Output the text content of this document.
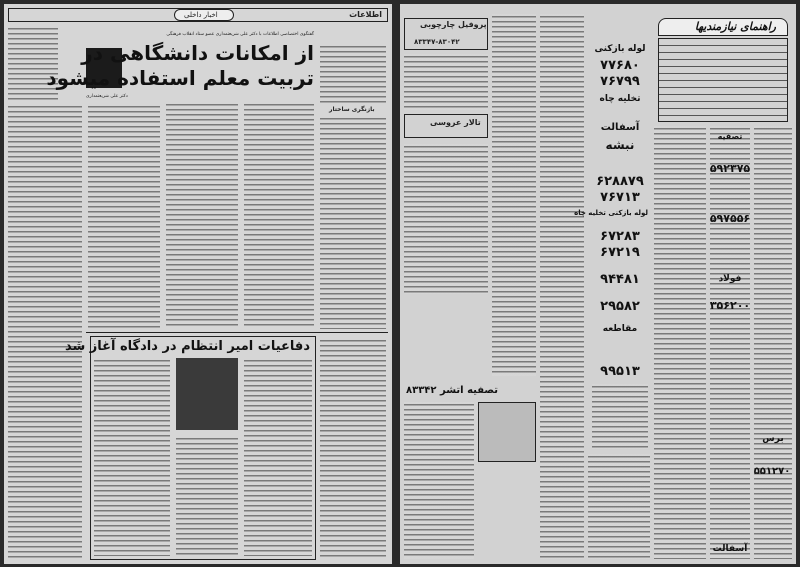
اطلاعات
اخبار داخلی
گفتگوی اختصاصی اطلاعات با دکتر علی شریعتمداری عضو ستاد انقلاب فرهنگی
از امکانات دانشگاهی در
تربیت معلم استفاده میشود
دکتر علی شریعتمداری
بازنگری ساختار
دفاعیات امیر انتظام در دادگاه آغاز شد
راهنمای نیازمندیها
پروفیل چارچوبی
۸۳۳۴۷-۸۳۰۴۲
تالار عروسی
تصفیه اتشر ۸۳۳۴۲
لوله بازکنی
۷۷۶۸۰
۷۶۷۹۹
تخلیه چاه
آسفالت
نبشه
۶۲۸۸۷۹
۷۶۷۱۳
لوله بازکنی تخلیه چاه
۶۷۲۸۳
۶۷۲۱۹
۹۴۴۸۱
۲۹۵۸۲
مقاطعه
۹۹۵۱۳
تصفیه
۵۹۲۳۷۵
۵۹۷۵۵۶
فولاد
۳۵۶۲۰۰
آسفالت
برس
۵۵۱۲۷۰
